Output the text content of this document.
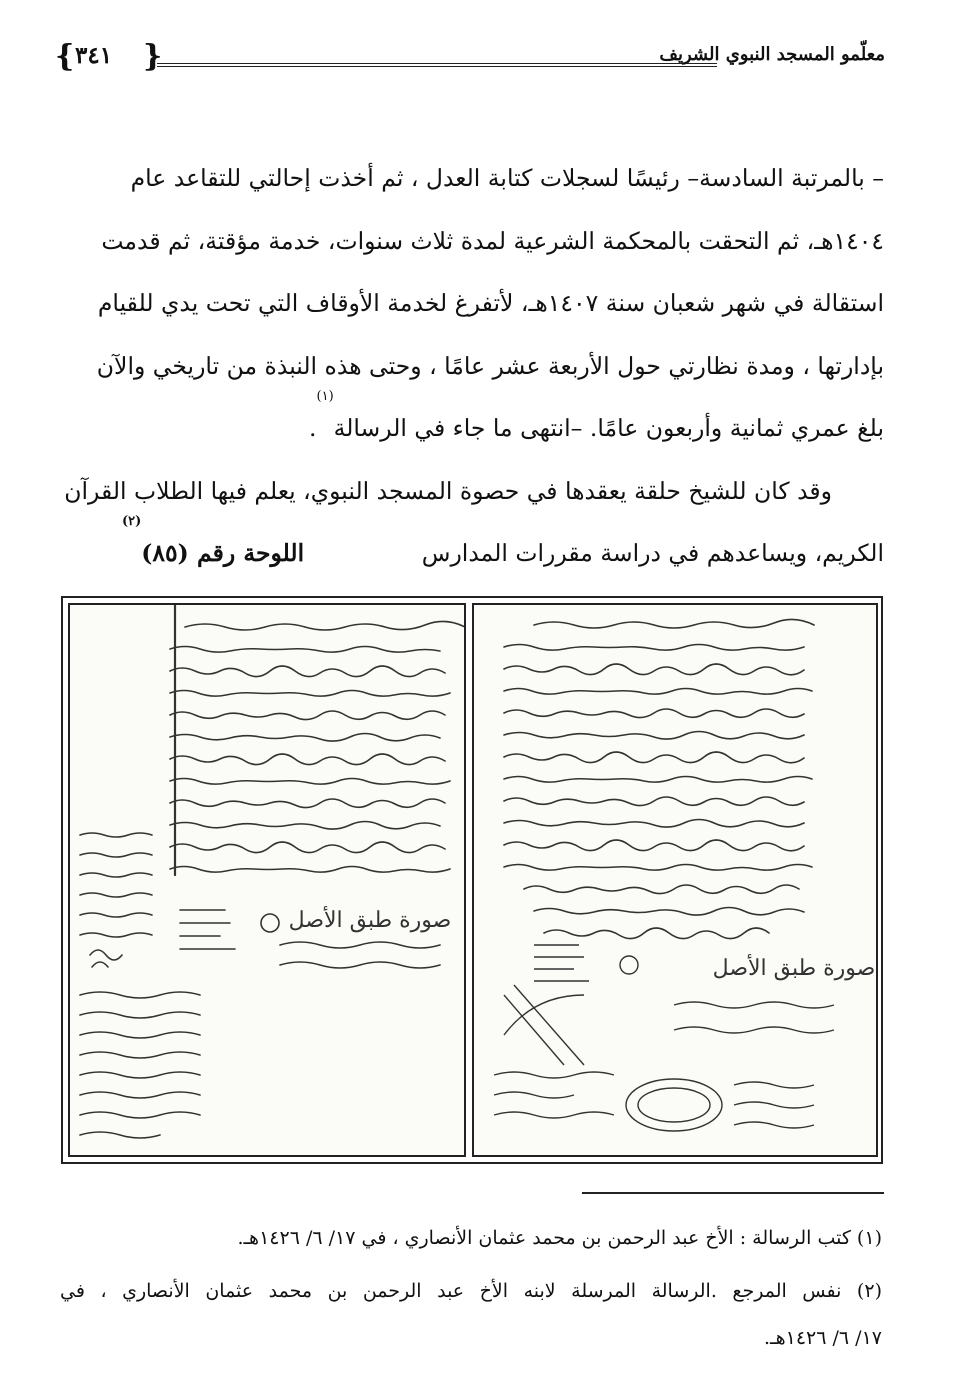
{ ٣٤١ }	معلّمو المسجد النبوي الشريف

– بالمرتبة السادسة– رئيسًا لسجلات كتابة العدل ، ثم أخذت إحالتي للتقاعد عام

١٤٠٤هـ، ثم التحقت بالمحكمة الشرعية لمدة ثلاث سنوات، خدمة مؤقتة، ثم قدمت

استقالة في شهر شعبان سنة ١٤٠٧هـ، لأتفرغ لخدمة الأوقاف التي تحت يدي للقيام

بإدارتها ، ومدة نظارتي حول الأربعة عشر عامًا ، وحتى هذه النبذة من تاريخي والآن

بلغ عمري ثمانية وأربعون عامًا. –انتهى ما جاء في الرسالة$^{(١)}$.

وقد كان للشيخ حلقة يعقدها في حصوة المسجد النبوي، يعلم فيها الطلاب القرآن

الكريم، ويساعدهم في دراسة مقررات المدارس
اللوحة رقم (٨٥)$^{(٢)}$
صورة طبق الأصل
صورة طبق الأصل
(١) كتب الرسالة : الأخ عبد الرحمن بن محمد عثمان الأنصاري ، في ١٧/ ٦/ ١٤٢٦هـ.
(٢) نفس المرجع .الرسالة المرسلة لابنه الأخ عبد الرحمن بن محمد عثمان الأنصاري ، في
١٧/ ٦/ ١٤٢٦هـ.
